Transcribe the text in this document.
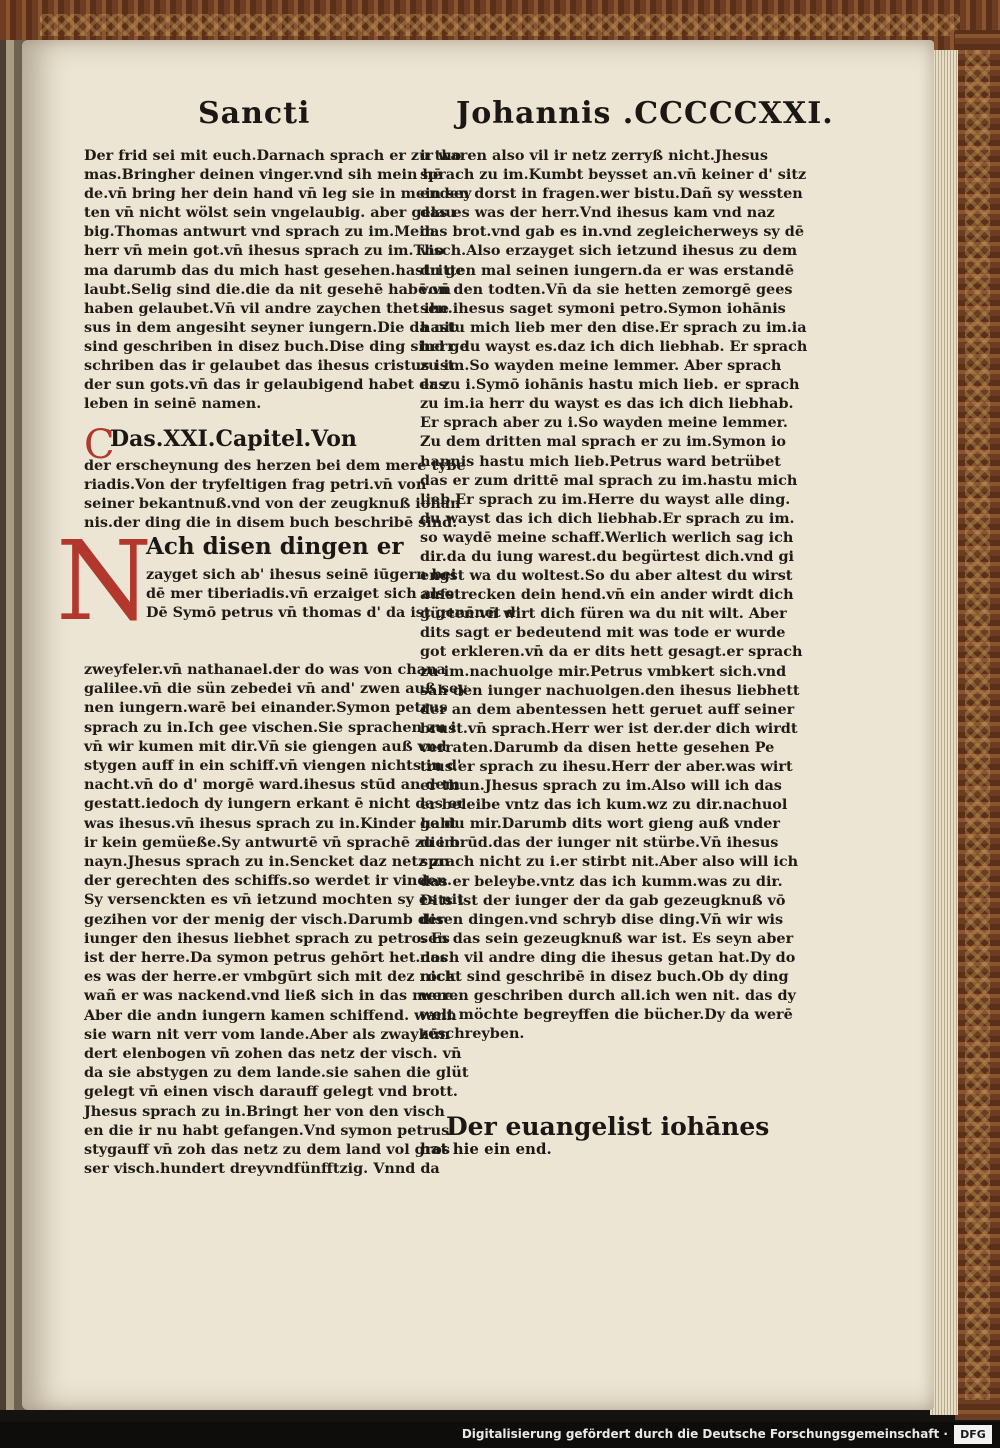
Sancti	Johannis .CCCCCXXI.
Der frid sei mit euch.Darnach sprach
mas.Bringher deinen vinger.vnd sih
de.vn̄ bring her dein hand vn̄ leg sie
ten vn̄ nicht wölst sein vngelaubig.
big.Thomas antwurt vnd sprach zu
herr vn̄ mein got.vn̄ ihesus sprach zu
ma darumb das du mich hast gesehen.hastu
laubt.Selig sind die.die da nit gesehē
haben gelaubet.Vn̄ vil andre zaychen
sus in dem angesiht seyner iungern.Die
sind geschriben in disez buch.Dise
schriben das ir gelaubet das ihesus
der sun gots.vn̄ das ir gelaubigend
leben in seinē namen.
C
Das.XXI.Capitel.Von
der erscheynung des herzen bei dem mere tybe
riadis.Von der tryfeltigen frag petri.vn̄ von
seiner bekantnuß.vnd von der zeugknuß iohan
nis.der ding die in disem buch beschribē sind.
N
Ach disen dingen er
zayget sich ab' ihesus seinē iūgern bei
dē mer tiberiadis.vn̄ erzaiget sich also
Dē Symō petrus vn̄ thomas d' da ist genēnet d'
zweyfeler.vn̄ nathanael.der do was von chana
galilee.vn̄ die sün zebedei vn̄ and' zwen auß sey
nen iungern.warē bei einander.Symon petrus
sprach zu in.Ich gee vischen.Sie sprachen zu i
vn̄ wir kumen mit dir.Vn̄ sie giengen auß vnd
stygen auff in ein schiff.vn̄ viengen nichts in d'
nacht.vn̄ do d' morgē ward.ihesus stūd an dem
gestatt.iedoch dy iungern erkant ē nicht das er
was ihesus.vn̄ ihesus sprach zu in.Kinder habt
ir kein gemüeße.Sy antwurtē vn̄ sprachē zu im
nayn.Jhesus sprach zu in.Sencket daz netz zu
der gerechten des schiffs.so werdet ir vinden.
Sy versenckten es vn̄ ietzund mochten sy es nit
gezihen vor der menig der visch.Darumb der
iunger den ihesus liebhet sprach zu petro. Es
ist der herre.Da symon petrus gehōrt het.das
es was der herre.er vmbgūrt sich mit dez rock.
wañ er was nackend.vnd ließ sich in das mere.
Aber die andn iungern kamen schiffend. wann
sie warn nit verr vom lande.Aber als zwayhūn
dert elenbogen vn̄ zohen das netz der visch. vn̄
da sie abstygen zu dem lande.sie sahen die glüt
gelegt vn̄ einen visch darauff gelegt vnd brott.
Jhesus sprach zu in.Bringt her von den visch
en die ir nu habt gefangen.Vnd symon petrus
stygauff vn̄ zoh das netz zu dem land vol gros
ser visch.hundert dreyvndfünfftzig. Vnnd da
ir waren also vil ir netz zerryß nicht.Jhesus
sprach zu im.Kumbt beysset an.vn̄ keiner
enden dorst in fragen.wer bistu.Dañ sy
das es was der herr.Vnd ihesus kam vnd
das brot.vnd gab es in.vnd zegleicherweys
visch.Also erzayget sich ietzund ihesus
dritten mal seinen iungern.da er was
von den todten.Vn̄ da sie hetten zemorgē
sen.ihesus saget symoni petro.Symon
hastu mich lieb mer den dise.Er sprach
herr du wayst es.daz ich dich liebhab.
zu im.So wayden meine lemmer. Aber
er zu i.Symō iohānis hastu mich lieb. er
zu im.ia herr du wayst es das ich dich
Er sprach aber zu i.So wayden meine
Zu dem dritten mal sprach er zu im.Symon
hannis hastu mich lieb.Petrus ward
das er zum drittē mal sprach zu im.hastu
lieb.Er sprach zu im.Herre du wayst alle
du wayst das ich dich liebhab.Er sprach
so waydē meine schaff.Werlich werlich
dir.da du iung warest.du begürtest
engst wa du woltest.So du aber altest
aufstrecken dein hend.vn̄ ein ander
gürten.vn̄ wirt dich füren wa du nit wilt.
dits sagt er bedeutend mit was tode er
got erkleren.vn̄ da er dits hett gesagt.er
zu im.nachuolge mir.Petrus vmbkert
sah den iunger nachuolgen.den ihesus
der an dem abentessen hett geruet auff
brust.vn̄ sprach.Herr wer ist der.der
verraten.Darumb da disen hette gesehen
trus.er sprach zu ihesu.Herr der aber.was
er thun.Jhesus sprach zu im.Also will
er beleibe vntz das ich kum.wz zu
ge du mir.Darumb dits wort gieng auß
die brūd.das der iunger nit stürbe.Vn̄
sprach nicht zu i.er stirbt nit.Aber also
das er beleybe.vntz das ich kumm.was
Dits ist der iunger der da gab gezeugknuß
disen dingen.vnd schryb dise ding.Vn̄
sen das sein gezeugknuß war ist. Es
noch vil andre ding die ihesus getan
nicht sind geschribē in disez buch.Ob
weren geschriben durch all.ich wen nit.
welt möchte begreyffen die bücher.Dy
zeschreyben.
Der euangelist iohānes
hat hie ein end.
Digitalisierung gefördert durch die Deutsche Forschungsgemeinschaft ·	DFG
